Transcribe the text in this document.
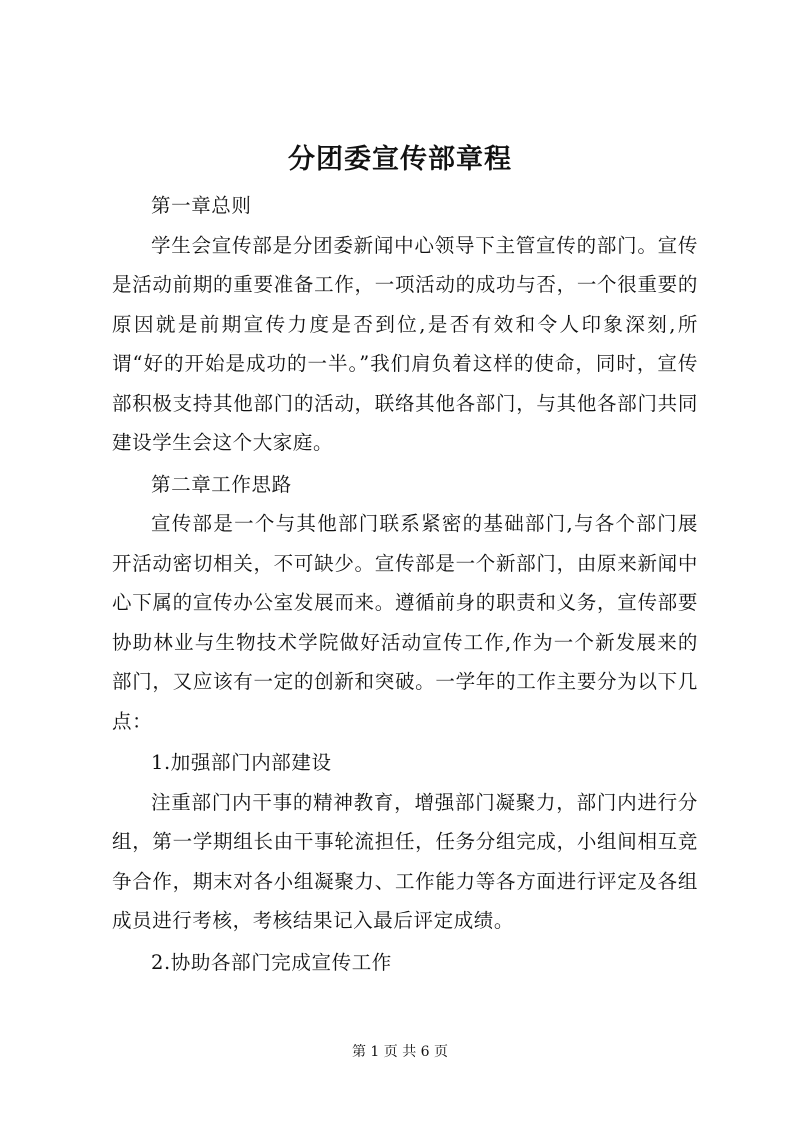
分团委宣传部章程

第一章总则

学生会宣传部是分团委新闻中心领导下主管宣传的部门。宣传是活动前期的重要准备工作，一项活动的成功与否，一个很重要的原因就是前期宣传力度是否到位,是否有效和令人印象深刻,所谓“好的开始是成功的一半。”我们肩负着这样的使命，同时，宣传部积极支持其他部门的活动，联络其他各部门，与其他各部门共同建设学生会这个大家庭。

第二章工作思路

宣传部是一个与其他部门联系紧密的基础部门,与各个部门展开活动密切相关，不可缺少。宣传部是一个新部门，由原来新闻中心下属的宣传办公室发展而来。遵循前身的职责和义务，宣传部要协助林业与生物技术学院做好活动宣传工作,作为一个新发展来的部门，又应该有一定的创新和突破。一学年的工作主要分为以下几点：

1.加强部门内部建设

注重部门内干事的精神教育，增强部门凝聚力，部门内进行分组，第一学期组长由干事轮流担任，任务分组完成，小组间相互竞争合作，期末对各小组凝聚力、工作能力等各方面进行评定及各组成员进行考核，考核结果记入最后评定成绩。

2.协助各部门完成宣传工作

第 1 页 共 6 页
